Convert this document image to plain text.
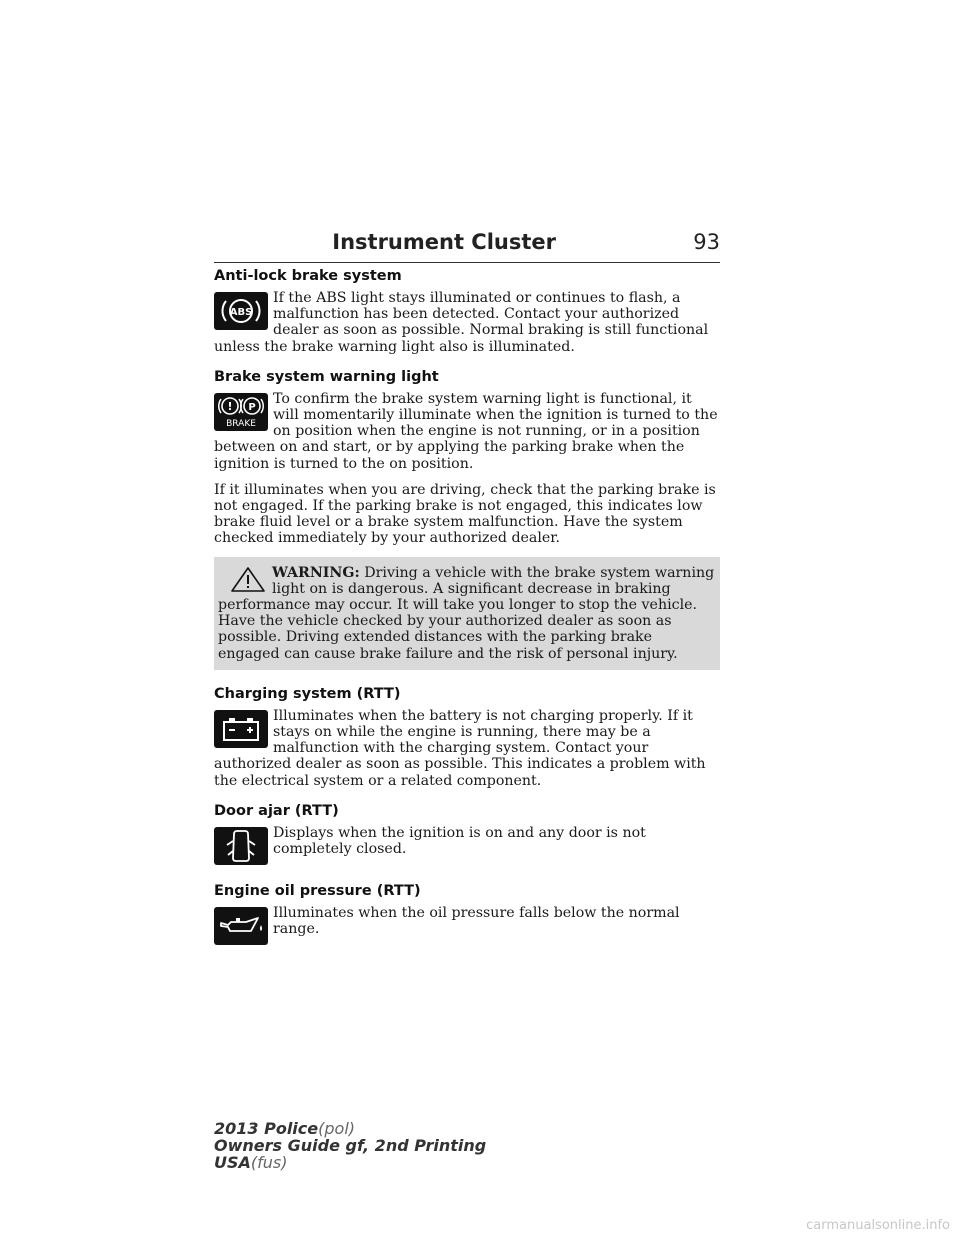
Instrument Cluster	93
Anti-lock brake system
ABS

If the ABS light stays illuminated or continues to flash, a malfunction has been detected. Contact your authorized dealer as soon as possible. Normal braking is still functional unless the brake warning light also is illuminated.

Brake system warning light
! P
BRAKE

To confirm the brake system warning light is functional, it will momentarily illuminate when the ignition is turned to the on position when the engine is not running, or in a position between on and start, or by applying the parking brake when the ignition is turned to the on position.

If it illuminates when you are driving, check that the parking brake is not engaged. If the parking brake is not engaged, this indicates low brake fluid level or a brake system malfunction. Have the system checked immediately by your authorized dealer.

WARNING: Driving a vehicle with the brake system warning light on is dangerous. A significant decrease in braking performance may occur. It will take you longer to stop the vehicle. Have the vehicle checked by your authorized dealer as soon as possible. Driving extended distances with the parking brake engaged can cause brake failure and the risk of personal injury.
Charging system (RTT)

Illuminates when the battery is not charging properly. If it stays on while the engine is running, there may be a malfunction with the charging system. Contact your authorized dealer as soon as possible. This indicates a problem with the electrical system or a related component.

Door ajar (RTT)

Displays when the ignition is on and any door is not completely closed.

Engine oil pressure (RTT)

Illuminates when the oil pressure falls below the normal range.

2013 Police(pol)
Owners Guide gf, 2nd Printing
USA(fus)
carmanualsonline.info
